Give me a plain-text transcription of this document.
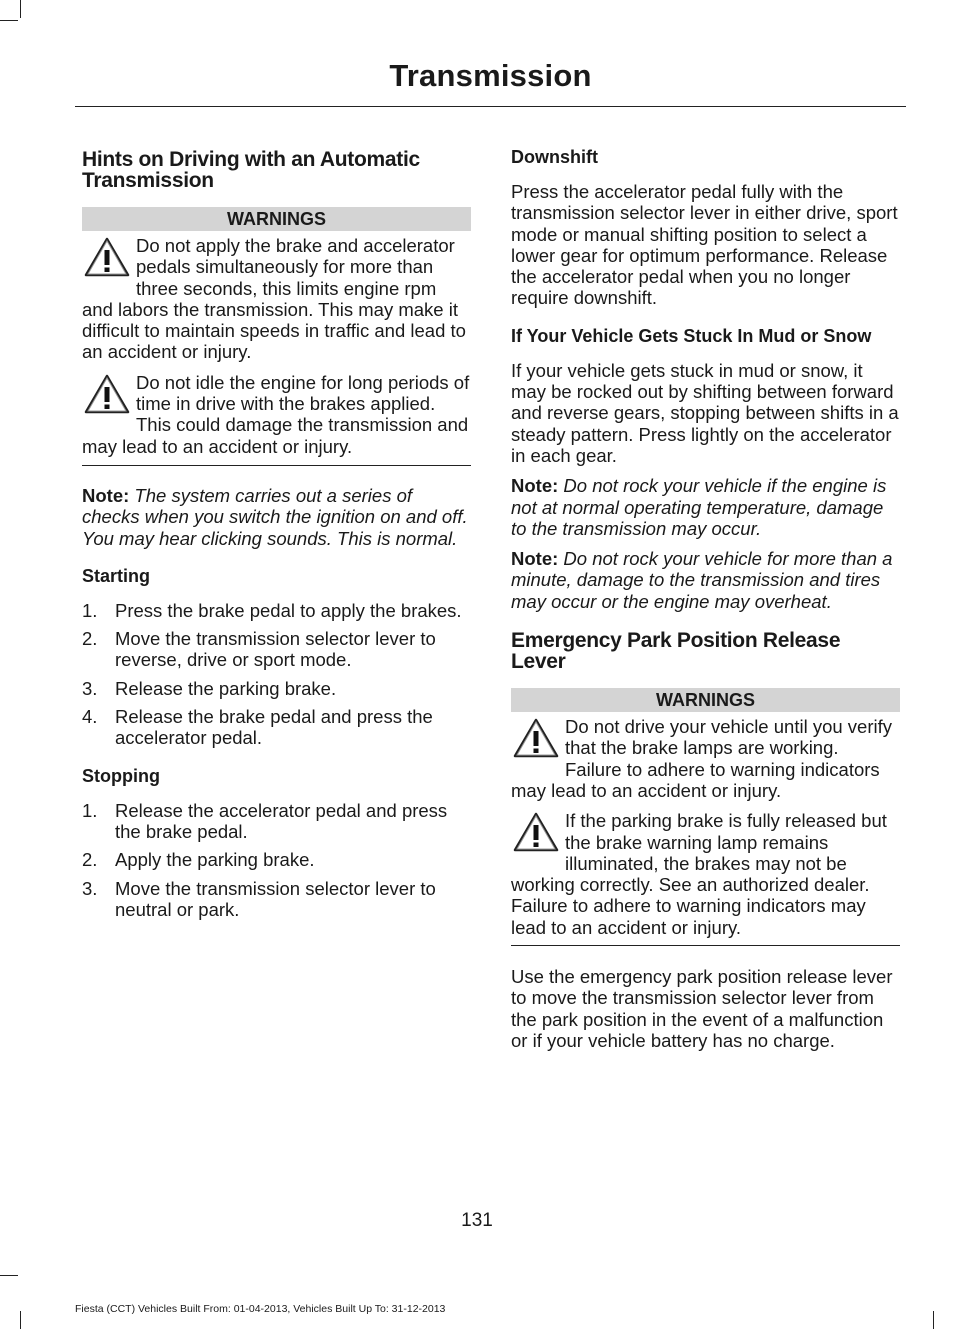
Transmission
Hints on Driving with an Automatic Transmission
WARNINGS
Do not apply the brake and accelerator pedals simultaneously for more than three seconds, this limits engine rpm and labors the transmission. This may make it difficult to maintain speeds in traffic and lead to an accident or injury.
Do not idle the engine for long periods of time in drive with the brakes applied. This could damage the transmission and may lead to an accident or injury.

Note: The system carries out a series of checks when you switch the ignition on and off. You may hear clicking sounds. This is normal.

Starting
1. Press the brake pedal to apply the brakes.
2. Move the transmission selector lever to reverse, drive or sport mode.
3. Release the parking brake.
4. Release the brake pedal and press the accelerator pedal.
Stopping
1. Release the accelerator pedal and press the brake pedal.
2. Apply the parking brake.
3. Move the transmission selector lever to neutral or park.
Downshift

Press the accelerator pedal fully with the transmission selector lever in either drive, sport mode or manual shifting position to select a lower gear for optimum performance. Release the accelerator pedal when you no longer require downshift.

If Your Vehicle Gets Stuck In Mud or Snow

If your vehicle gets stuck in mud or snow, it may be rocked out by shifting between forward and reverse gears, stopping between shifts in a steady pattern. Press lightly on the accelerator in each gear.

Note: Do not rock your vehicle if the engine is not at normal operating temperature, damage to the transmission may occur.

Note: Do not rock your vehicle for more than a minute, damage to the transmission and tires may occur or the engine may overheat.

Emergency Park Position Release Lever
WARNINGS
Do not drive your vehicle until you verify that the brake lamps are working. Failure to adhere to warning indicators may lead to an accident or injury.
If the parking brake is fully released but the brake warning lamp remains illuminated, the brakes may not be working correctly. See an authorized dealer. Failure to adhere to warning indicators may lead to an accident or injury.

Use the emergency park position release lever to move the transmission selector lever from the park position in the event of a malfunction or if your vehicle battery has no charge.

131
Fiesta (CCT) Vehicles Built From: 01-04-2013, Vehicles Built Up To: 31-12-2013
